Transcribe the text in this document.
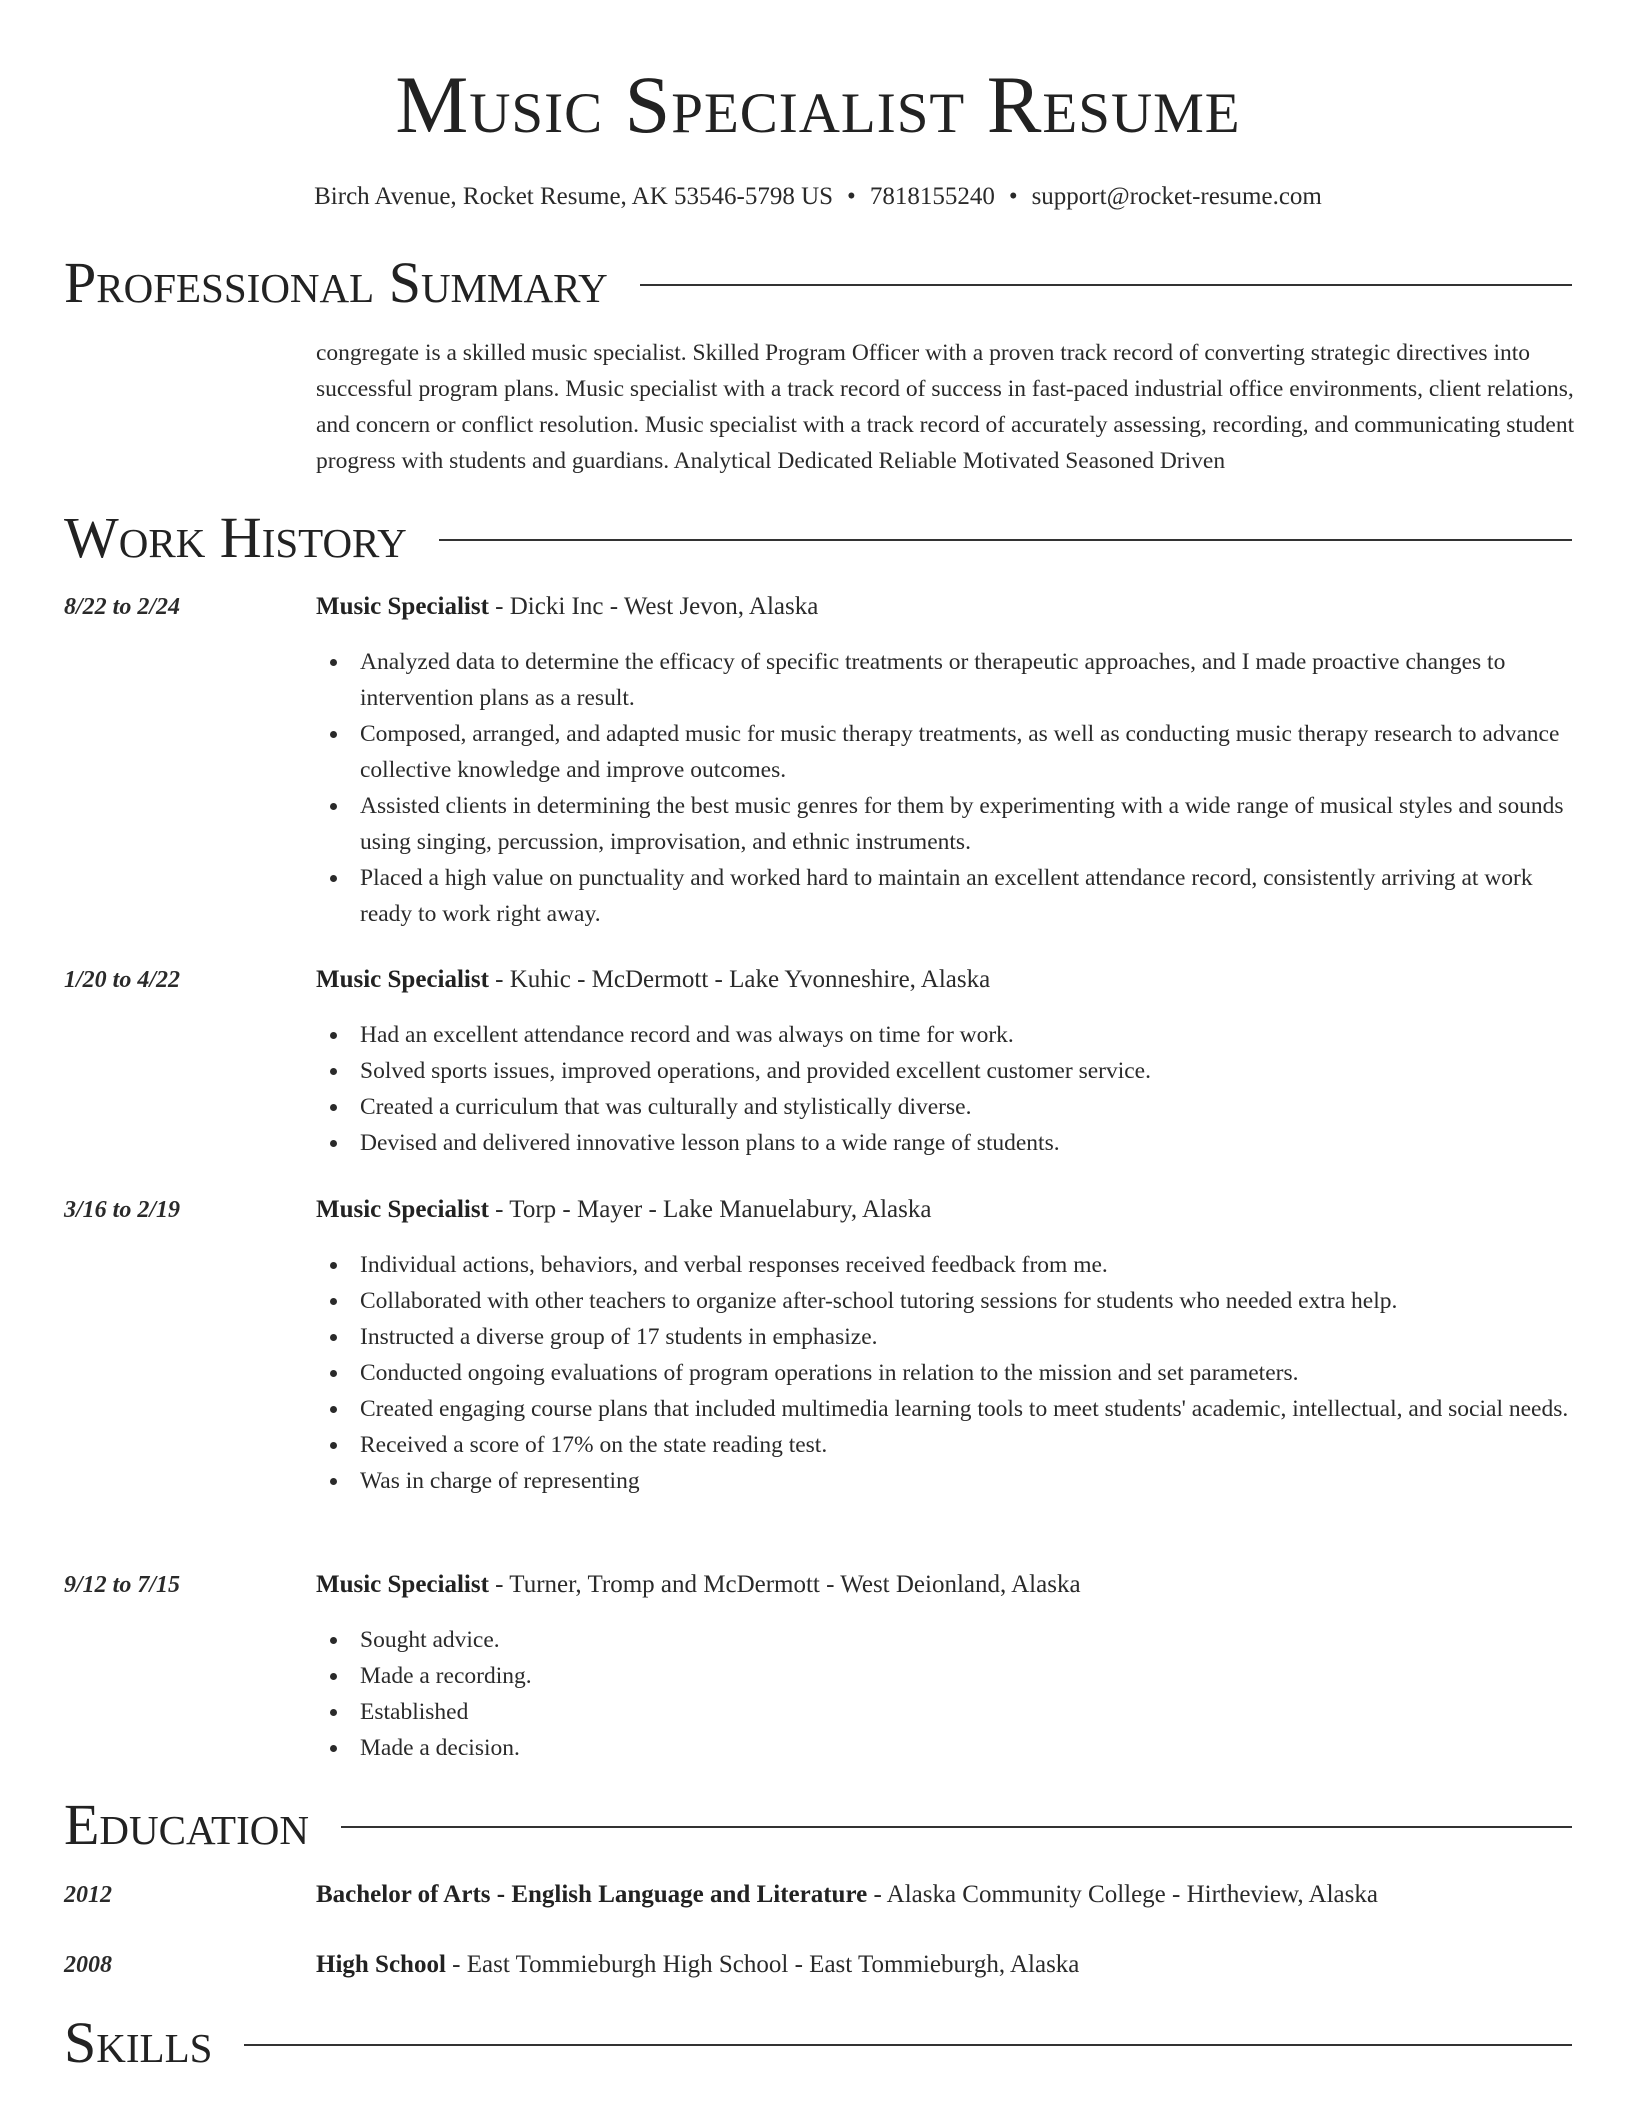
Music Specialist Resume
Birch Avenue, Rocket Resume, AK 53546-5798 US • 7818155240 • support@rocket-resume.com
Professional Summary
congregate is a skilled music specialist. Skilled Program Officer with a proven track record of converting strategic directives into successful program plans. Music specialist with a track record of success in fast-paced industrial office environments, client relations, and concern or conflict resolution. Music specialist with a track record of accurately assessing, recording, and communicating student progress with students and guardians. Analytical Dedicated Reliable Motivated Seasoned Driven
Work History
8/22 to 2/24	Music Specialist - Dicki Inc - West Jevon, Alaska
Analyzed data to determine the efficacy of specific treatments or therapeutic approaches, and I made proactive changes to intervention plans as a result.
Composed, arranged, and adapted music for music therapy treatments, as well as conducting music therapy research to advance collective knowledge and improve outcomes.
Assisted clients in determining the best music genres for them by experimenting with a wide range of musical styles and sounds using singing, percussion, improvisation, and ethnic instruments.
Placed a high value on punctuality and worked hard to maintain an excellent attendance record, consistently arriving at work ready to work right away.
1/20 to 4/22	Music Specialist - Kuhic - McDermott - Lake Yvonneshire, Alaska
Had an excellent attendance record and was always on time for work.
Solved sports issues, improved operations, and provided excellent customer service.
Created a curriculum that was culturally and stylistically diverse.
Devised and delivered innovative lesson plans to a wide range of students.
3/16 to 2/19	Music Specialist - Torp - Mayer - Lake Manuelabury, Alaska
Individual actions, behaviors, and verbal responses received feedback from me.
Collaborated with other teachers to organize after-school tutoring sessions for students who needed extra help.
Instructed a diverse group of 17 students in emphasize.
Conducted ongoing evaluations of program operations in relation to the mission and set parameters.
Created engaging course plans that included multimedia learning tools to meet students' academic, intellectual, and social needs.
Received a score of 17% on the state reading test.
Was in charge of representing
9/12 to 7/15	Music Specialist - Turner, Tromp and McDermott - West Deionland, Alaska
Sought advice.
Made a recording.
Established
Made a decision.
Education
2012	Bachelor of Arts - English Language and Literature - Alaska Community College - Hirtheview, Alaska
2008	High School - East Tommieburgh High School - East Tommieburgh, Alaska
Skills
